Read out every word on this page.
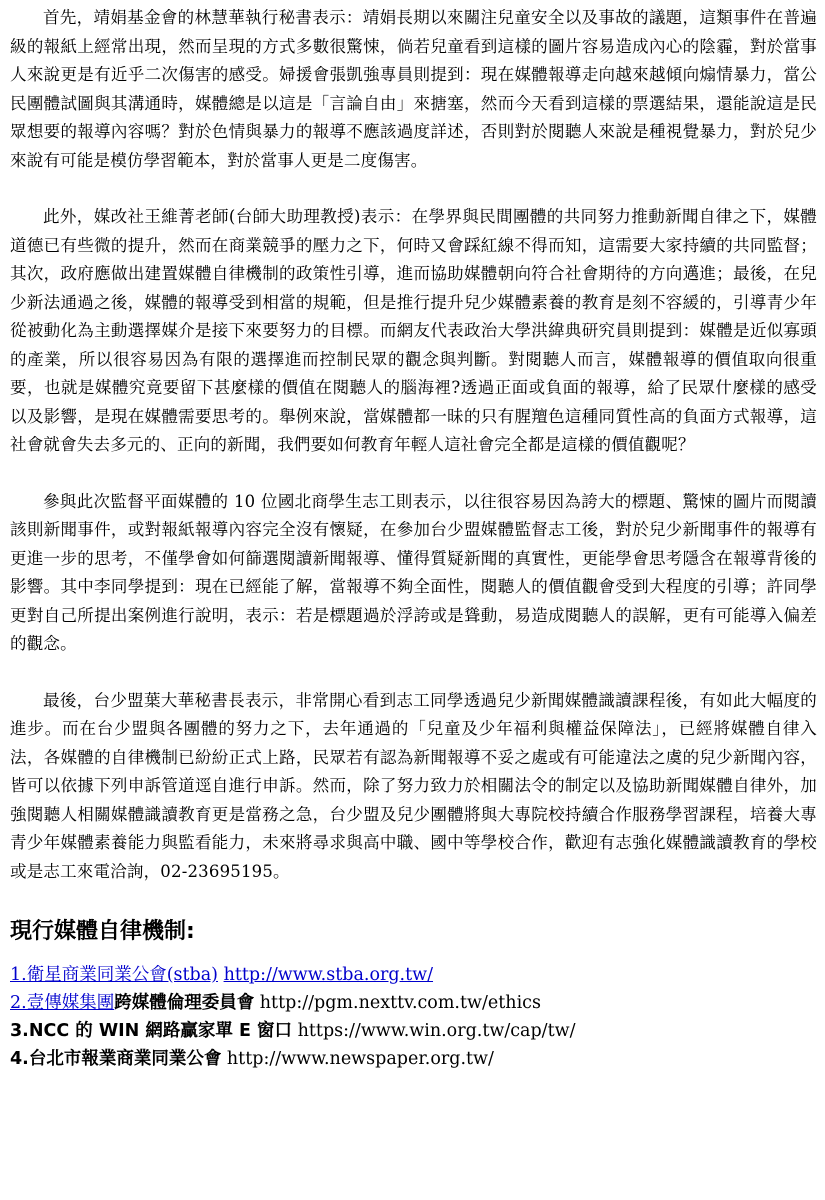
首先，靖娟基金會的林慧華執行秘書表示：靖娟長期以來關注兒童安全以及事故的議題，這類事件在普遍級的報紙上經常出現，然而呈現的方式多數很驚悚，倘若兒童看到這樣的圖片容易造成內心的陰霾，對於當事人來說更是有近乎二次傷害的感受。婦援會張凱強專員則提到：現在媒體報導走向越來越傾向煽情暴力，當公民團體試圖與其溝通時，媒體總是以這是「言論自由」來搪塞，然而今天看到這樣的票選結果，還能說這是民眾想要的報導內容嗎？對於色情與暴力的報導不應該過度詳述，否則對於閱聽人來說是種視覺暴力，對於兒少來說有可能是模仿學習範本，對於當事人更是二度傷害。

此外，媒改社王維菁老師(台師大助理教授)表示：在學界與民間團體的共同努力推動新聞自律之下，媒體道德已有些微的提升，然而在商業競爭的壓力之下，何時又會踩紅線不得而知，這需要大家持續的共同監督；其次，政府應做出建置媒體自律機制的政策性引導，進而協助媒體朝向符合社會期待的方向邁進；最後，在兒少新法通過之後，媒體的報導受到相當的規範，但是推行提升兒少媒體素養的教育是刻不容緩的，引導青少年從被動化為主動選擇媒介是接下來要努力的目標。而網友代表政治大學洪緯典研究員則提到：媒體是近似寡頭的產業，所以很容易因為有限的選擇進而控制民眾的觀念與判斷。對閱聽人而言，媒體報導的價值取向很重要，也就是媒體究竟要留下甚麼樣的價值在閱聽人的腦海裡?透過正面或負面的報導，給了民眾什麼樣的感受以及影響，是現在媒體需要思考的。舉例來說，當媒體都一昧的只有腥羶色這種同質性高的負面方式報導，這社會就會失去多元的、正向的新聞，我們要如何教育年輕人這社會完全都是這樣的價值觀呢？

參與此次監督平面媒體的 10 位國北商學生志工則表示，以往很容易因為誇大的標題、驚悚的圖片而閱讀該則新聞事件，或對報紙報導內容完全沒有懷疑，在參加台少盟媒體監督志工後，對於兒少新聞事件的報導有更進一步的思考，不僅學會如何篩選閱讀新聞報導、懂得質疑新聞的真實性，更能學會思考隱含在報導背後的影響。其中李同學提到：現在已經能了解，當報導不夠全面性，閱聽人的價值觀會受到大程度的引導；許同學更對自己所提出案例進行說明，表示：若是標題過於浮誇或是聳動，易造成閱聽人的誤解，更有可能導入偏差的觀念。

最後，台少盟葉大華秘書長表示，非常開心看到志工同學透過兒少新聞媒體識讀課程後，有如此大幅度的進步。而在台少盟與各團體的努力之下，去年通過的「兒童及少年福利與權益保障法」，已經將媒體自律入法，各媒體的自律機制已紛紛正式上路，民眾若有認為新聞報導不妥之處或有可能違法之虞的兒少新聞內容，皆可以依據下列申訴管道逕自進行申訴。然而，除了努力致力於相關法令的制定以及協助新聞媒體自律外，加強閱聽人相關媒體識讀教育更是當務之急，台少盟及兒少團體將與大專院校持續合作服務學習課程，培養大專青少年媒體素養能力與監看能力，未來將尋求與高中職、國中等學校合作，歡迎有志強化媒體識讀教育的學校或是志工來電洽詢，02-23695195。

現行媒體自律機制:
1.衛星商業同業公會(stba) http://www.stba.org.tw/
2.壹傳媒集團跨媒體倫理委員會 http://pgm.nexttv.com.tw/ethics
3.NCC 的 WIN 網路贏家單 E 窗口 https://www.win.org.tw/cap/tw/
4.台北市報業商業同業公會 http://www.newspaper.org.tw/
